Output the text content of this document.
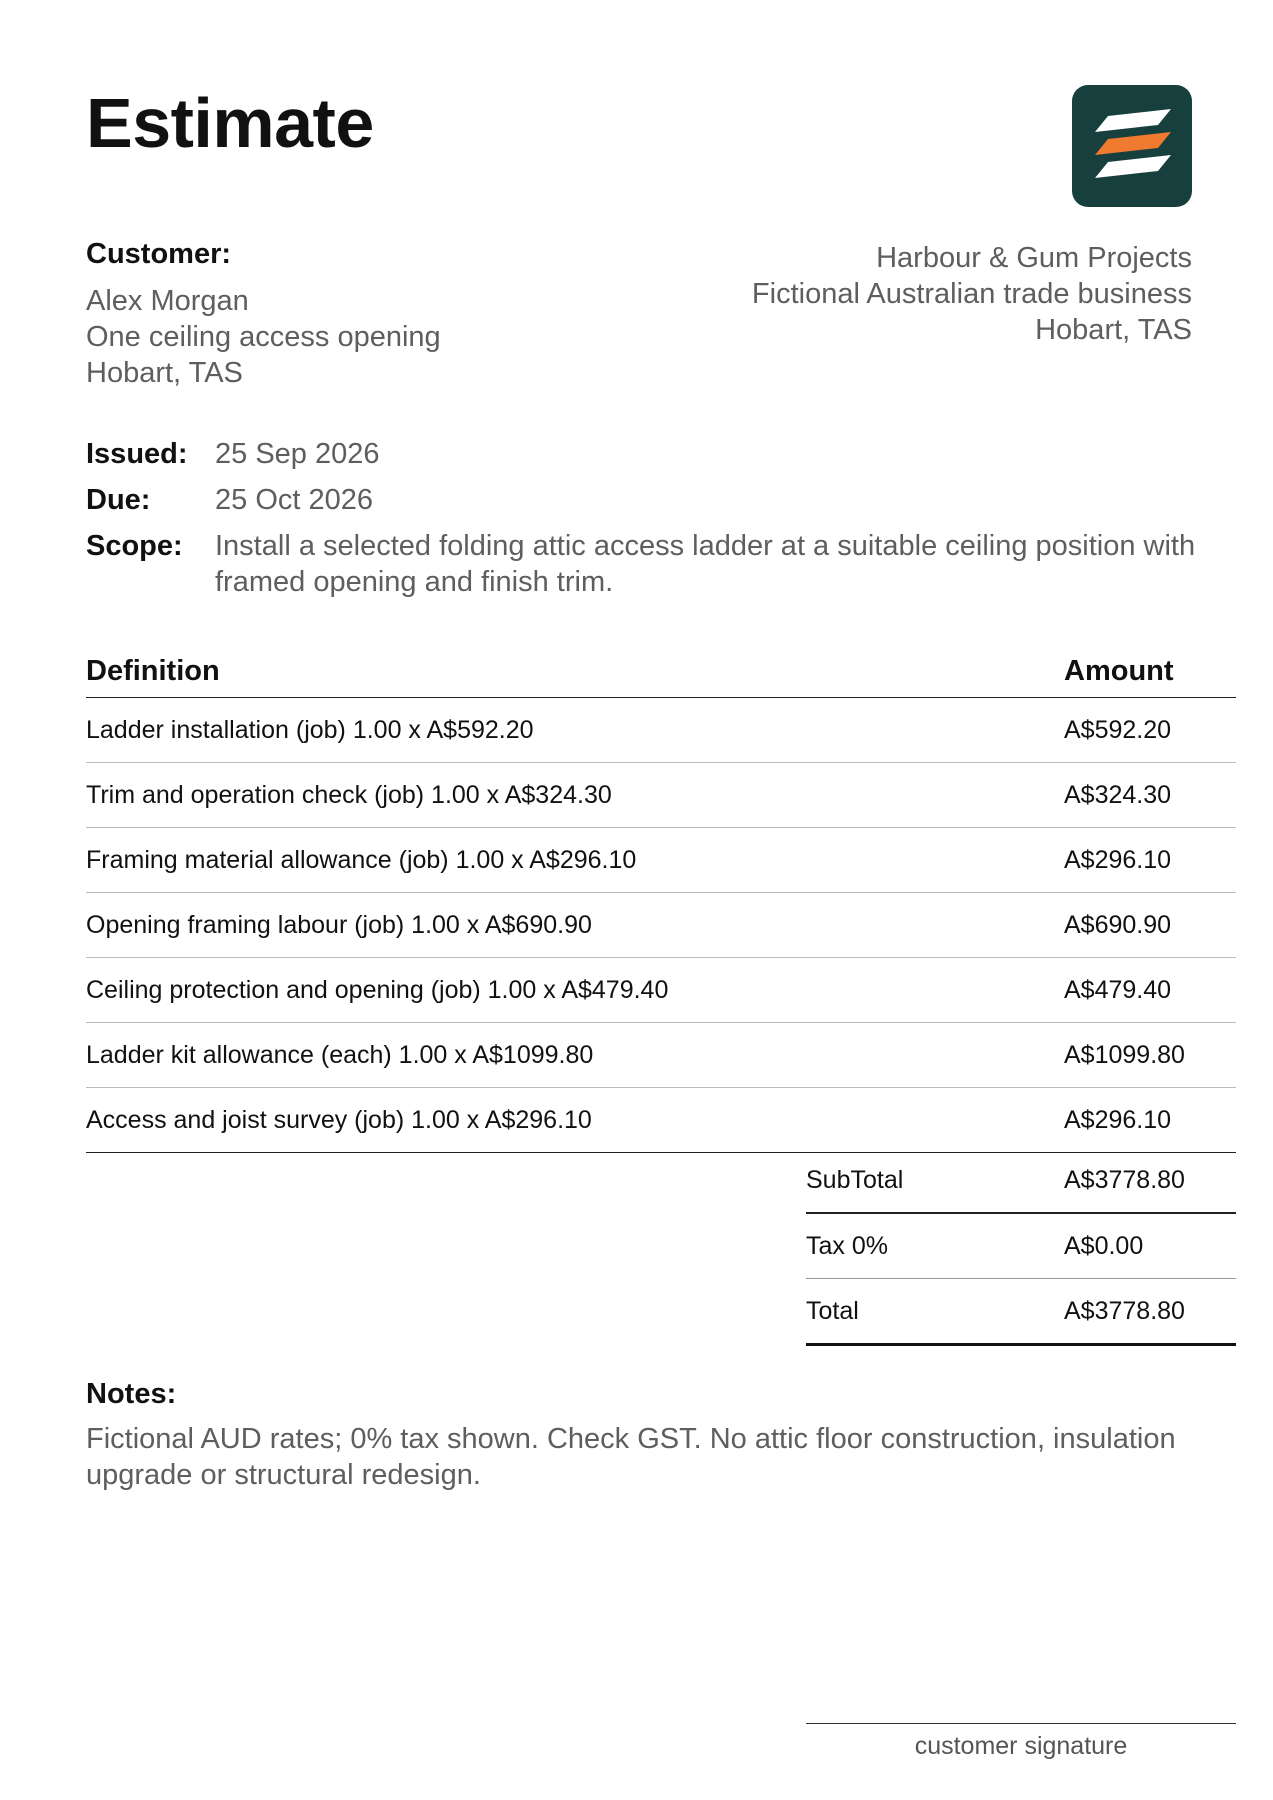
Estimate
Customer:
Alex Morgan
One ceiling access opening
Hobart, TAS
Harbour & Gum Projects
Fictional Australian trade business
Hobart, TAS
Issued: 25 Sep 2026
Due:	25 Oct 2026
Scope:	Install a selected folding attic access ladder at a suitable ceiling position with framed opening and finish trim.
Definition	Amount
Ladder installation (job) 1.00 x A$592.20	A$592.20
Trim and operation check (job) 1.00 x A$324.30	A$324.30
Framing material allowance (job) 1.00 x A$296.10	A$296.10
Opening framing labour (job) 1.00 x A$690.90	A$690.90
Ceiling protection and opening (job) 1.00 x A$479.40	A$479.40
Ladder kit allowance (each) 1.00 x A$1099.80	A$1099.80
Access and joist survey (job) 1.00 x A$296.10	A$296.10
SubTotal	A$3778.80
Tax 0%	A$0.00
Total	A$3778.80
Notes:
Fictional AUD rates; 0% tax shown. Check GST. No attic floor construction, insulation upgrade or structural redesign.
customer signature
